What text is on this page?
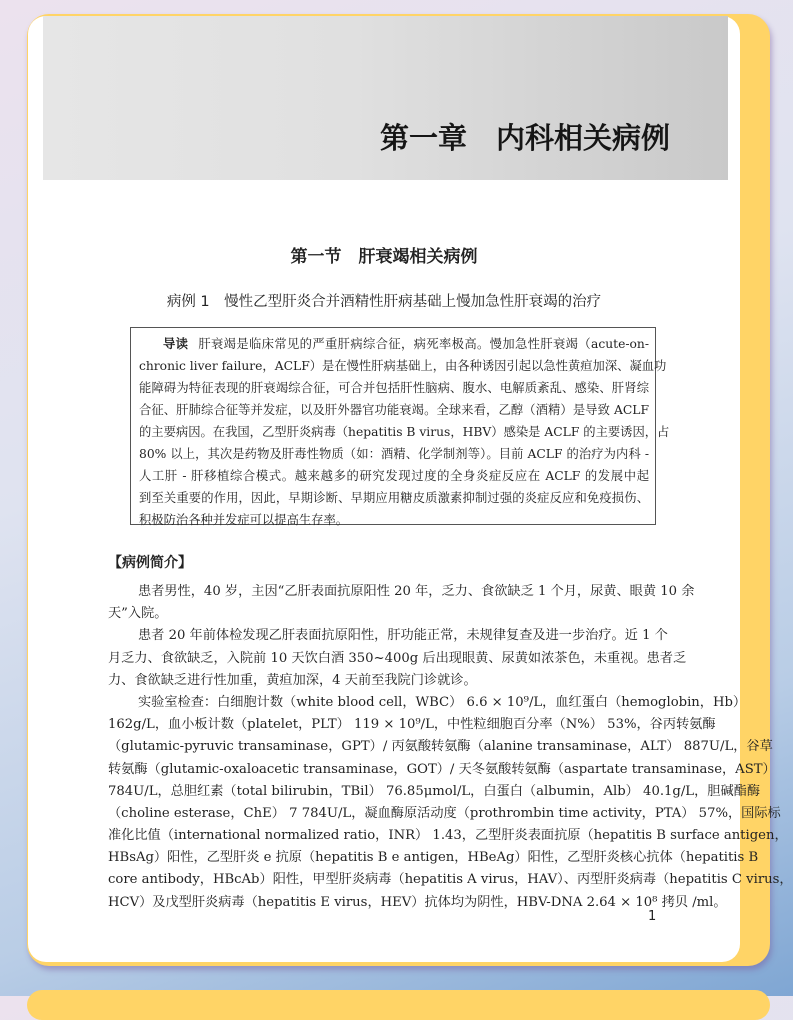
第一章　内科相关病例
第一节　肝衰竭相关病例
病例 1　慢性乙型肝炎合并酒精性肝病基础上慢加急性肝衰竭的治疗
导读 肝衰竭是临床常见的严重肝病综合征，病死率极高。慢加急性肝衰竭（acute-on-
chronic liver failure，ACLF）是在慢性肝病基础上，由各种诱因引起以急性黄疸加深、凝血功
能障碍为特征表现的肝衰竭综合征，可合并包括肝性脑病、腹水、电解质紊乱、感染、肝肾综
合征、肝肺综合征等并发症，以及肝外器官功能衰竭。全球来看，乙醇（酒精）是导致 ACLF
的主要病因。在我国，乙型肝炎病毒（hepatitis B virus，HBV）感染是 ACLF 的主要诱因，占
80% 以上，其次是药物及肝毒性物质（如：酒精、化学制剂等）。目前 ACLF 的治疗为内科 -
人工肝 - 肝移植综合模式。越来越多的研究发现过度的全身炎症反应在 ACLF 的发展中起
到至关重要的作用，因此，早期诊断、早期应用糖皮质激素抑制过强的炎症反应和免疫损伤、
积极防治各种并发症可以提高生存率。
【病例简介】
患者男性，40 岁，主因“乙肝表面抗原阳性 20 年，乏力、食欲缺乏 1 个月，尿黄、眼黄 10 余
天”入院。
患者 20 年前体检发现乙肝表面抗原阳性，肝功能正常，未规律复查及进一步治疗。近 1 个
月乏力、食欲缺乏，入院前 10 天饮白酒 350~400g 后出现眼黄、尿黄如浓茶色，未重视。患者乏
力、食欲缺乏进行性加重，黄疸加深，4 天前至我院门诊就诊。
实验室检查：白细胞计数（white blood cell，WBC） 6.6 × 10⁹/L，血红蛋白（hemoglobin，Hb）
162g/L，血小板计数（platelet，PLT） 119 × 10⁹/L，中性粒细胞百分率（N%） 53%，谷丙转氨酶
（glutamic-pyruvic transaminase，GPT）/ 丙氨酸转氨酶（alanine transaminase，ALT） 887U/L，谷草
转氨酶（glutamic-oxaloacetic transaminase，GOT）/ 天冬氨酸转氨酶（aspartate transaminase，AST）
784U/L，总胆红素（total bilirubin，TBil） 76.85μmol/L，白蛋白（albumin，Alb） 40.1g/L，胆碱酯酶
（choline esterase，ChE） 7 784U/L，凝血酶原活动度（prothrombin time activity，PTA） 57%，国际标
准化比值（international normalized ratio，INR） 1.43，乙型肝炎表面抗原（hepatitis B surface antigen，
HBsAg）阳性，乙型肝炎 e 抗原（hepatitis B e antigen，HBeAg）阳性，乙型肝炎核心抗体（hepatitis B
core antibody，HBcAb）阳性，甲型肝炎病毒（hepatitis A virus，HAV）、丙型肝炎病毒（hepatitis C virus，
HCV）及戊型肝炎病毒（hepatitis E virus，HEV）抗体均为阴性，HBV-DNA 2.64 × 10⁸ 拷贝 /ml。
1
